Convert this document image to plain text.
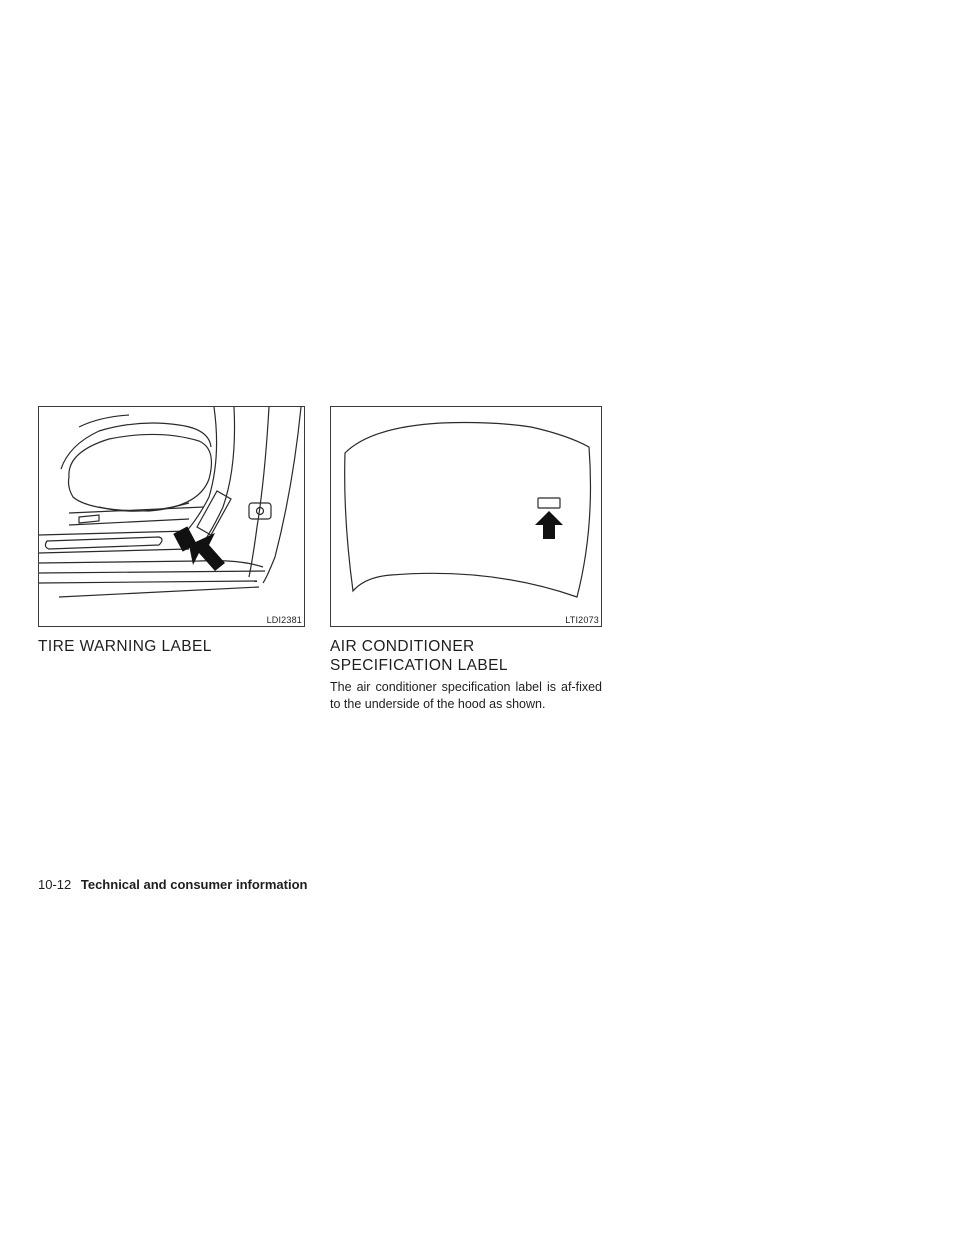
LDI2381	LTI2073
TIRE WARNING LABEL	AIR CONDITIONER SPECIFICATION LABEL

The air conditioner specification label is af-fixed to the underside of the hood as shown.

10-12 Technical and consumer information
